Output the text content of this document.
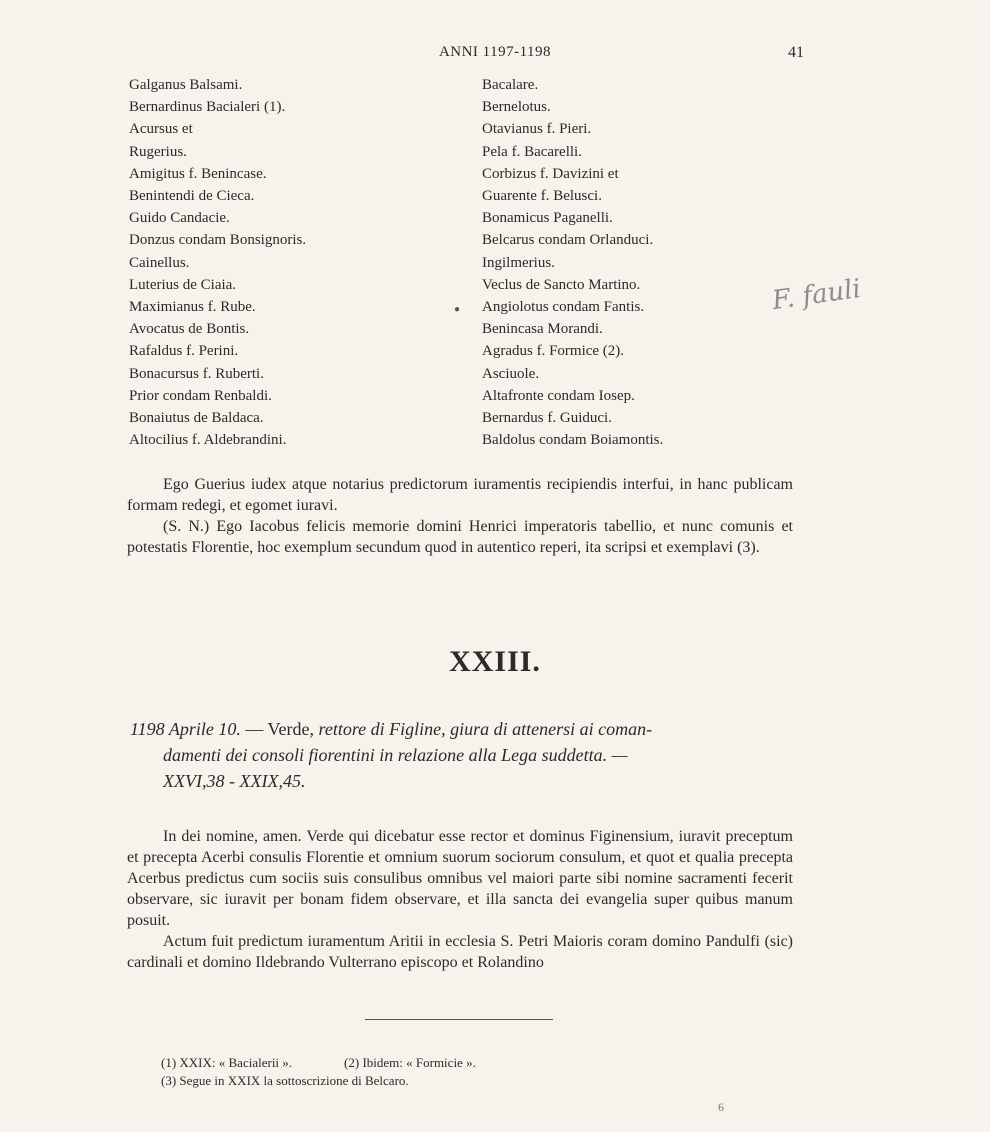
ANNI 1197-1198	41
Galganus Balsami.
Bernardinus Bacialeri (1).
Acursus et
Rugerius.
Amigitus f. Benincase.
Benintendi de Cieca.
Guido Candacie.
Donzus condam Bonsignoris.
Cainellus.
Luterius de Ciaia.
Maximianus f. Rube.
Avocatus de Bontis.
Rafaldus f. Perini.
Bonacursus f. Ruberti.
Prior condam Renbaldi.
Bonaiutus de Baldaca.
Altocilius f. Aldebrandini.
Bacalare.
Bernelotus.
Otavianus f. Pieri.
Pela f. Bacarelli.
Corbizus f. Davizini et
Guarente f. Belusci.
Bonamicus Paganelli.
Belcarus condam Orlanduci.
Ingilmerius.
Veclus de Sancto Martino.
Angiolotus condam Fantis.
Benincasa Morandi.
Agradus f. Formice (2).
Asciuole.
Altafronte condam Iosep.
Bernardus f. Guiduci.
Baldolus condam Boiamontis.
●	F. fauli

Ego Guerius iudex atque notarius predictorum iuramentis recipiendis interfui, in hanc publicam formam redegi, et egomet iuravi.

(S. N.) Ego Iacobus felicis memorie domini Henrici imperatoris tabellio, et nunc comunis et potestatis Florentie, hoc exemplum secundum quod in autentico reperi, ita scripsi et exemplavi (3).

XXIII.
1198 Aprile 10. — Verde, rettore di Figline, giura di attenersi ai coman-
damenti dei consoli fiorentini in relazione alla Lega suddetta. —
XXVI,38 - XXIX,45.

In dei nomine, amen. Verde qui dicebatur esse rector et dominus Figinensium, iuravit preceptum et precepta Acerbi consulis Florentie et omnium suorum sociorum consulum, et quot et qualia precepta Acerbus predictus cum sociis suis consulibus omnibus vel maiori parte sibi nomine sacramenti fecerit observare, sic iuravit per bonam fidem observare, et illa sancta dei evangelia super quibus manum posuit.

Actum fuit predictum iuramentum Aritii in ecclesia S. Petri Maioris coram domino Pandulfi (sic) cardinali et domino Ildebrando Vulterrano episcopo et Rolandino

(1) XXIX: « Bacialerii ».	(2) Ibidem: « Formicie ».
(3) Segue in XXIX la sottoscrizione di Belcaro.
6
